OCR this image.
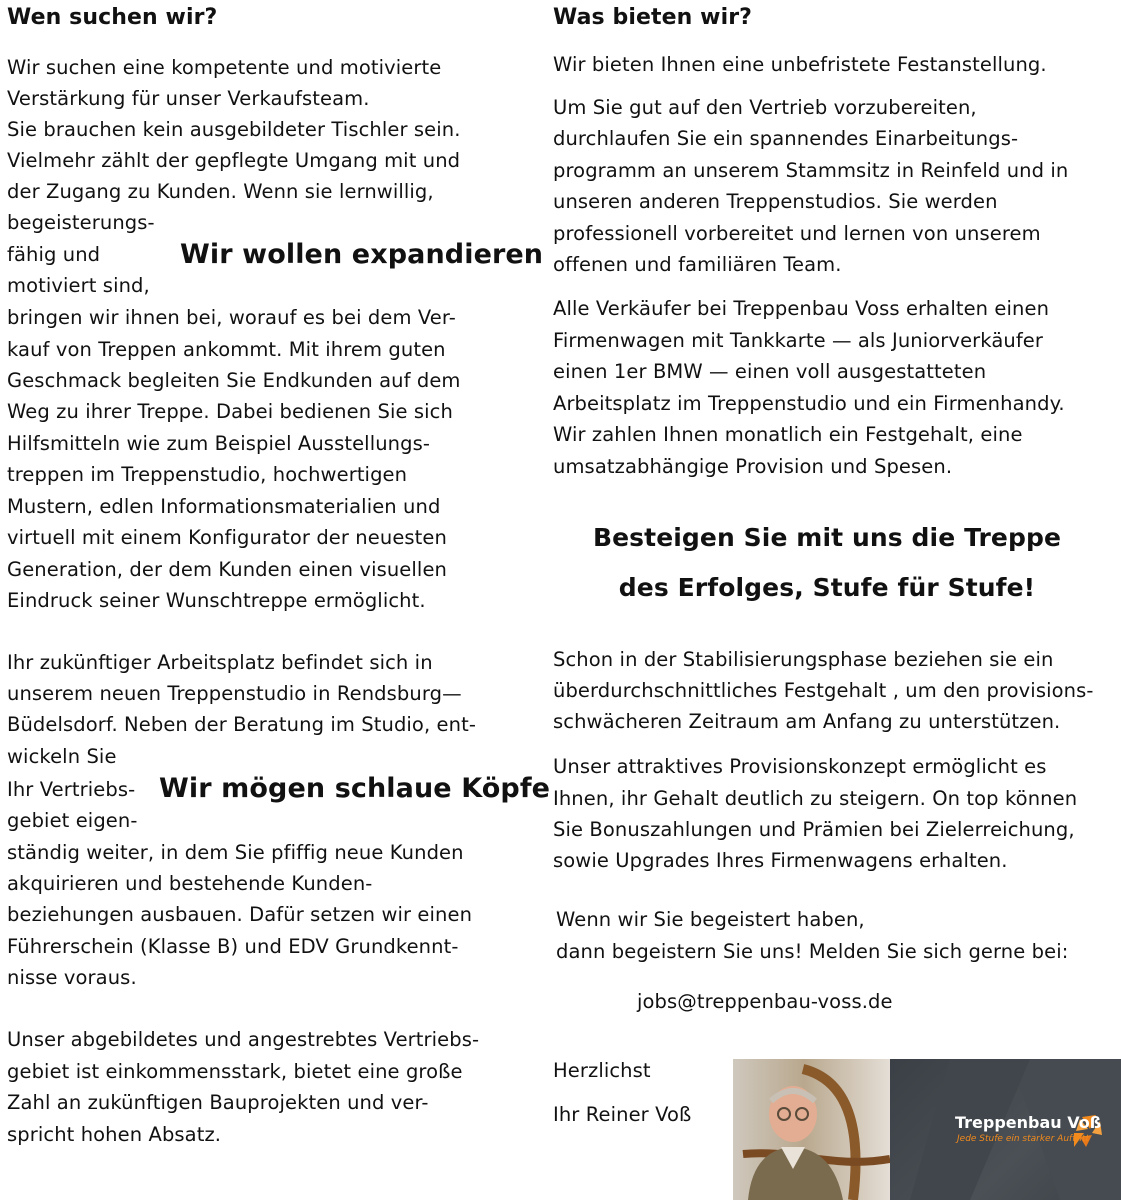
Wen suchen wir?
Wir suchen eine kompetente und motivierte
Verstärkung für unser Verkaufsteam.
Sie brauchen kein ausgebildeter Tischler sein.
Vielmehr zählt der gepflegte Umgang mit und
der Zugang zu Kunden. Wenn sie lernwillig,
begeisterungs-
fähig und
motiviert sind,
bringen wir ihnen bei, worauf es bei dem Ver-
kauf von Treppen ankommt. Mit ihrem guten
Geschmack begleiten Sie Endkunden auf dem
Weg zu ihrer Treppe. Dabei bedienen Sie sich
Hilfsmitteln wie zum Beispiel Ausstellungs-
treppen im Treppenstudio, hochwertigen
Mustern, edlen Informationsmaterialien und
virtuell mit einem Konfigurator der neuesten
Generation, der dem Kunden einen visuellen
Eindruck seiner Wunschtreppe ermöglicht.
Wir wollen expandieren
Ihr zukünftiger Arbeitsplatz befindet sich in
unserem neuen Treppenstudio in Rendsburg—
Büdelsdorf. Neben der Beratung im Studio, ent-
wickeln Sie
Ihr Vertriebs-
gebiet eigen-
ständig weiter, in dem Sie pfiffig neue Kunden
akquirieren und bestehende Kunden-
beziehungen ausbauen. Dafür setzen wir einen
Führerschein (Klasse B) und EDV Grundkennt-
nisse voraus.
Wir mögen schlaue Köpfe
Unser abgebildetes und angestrebtes Vertriebs-
gebiet ist einkommensstark, bietet eine große
Zahl an zukünftigen Bauprojekten und ver-
spricht hohen Absatz.
Was bieten wir?
Wir bieten Ihnen eine unbefristete Festanstellung.
Um Sie gut auf den Vertrieb vorzubereiten,
durchlaufen Sie ein spannendes Einarbeitungs-
programm an unserem Stammsitz in Reinfeld und in
unseren anderen Treppenstudios. Sie werden
professionell vorbereitet und lernen von unserem
offenen und familiären Team.
Alle Verkäufer bei Treppenbau Voss erhalten einen
Firmenwagen mit Tankkarte — als Juniorverkäufer
einen 1er BMW — einen voll ausgestatteten
Arbeitsplatz im Treppenstudio und ein Firmenhandy.
Wir zahlen Ihnen monatlich ein Festgehalt, eine
umsatzabhängige Provision und Spesen.
Besteigen Sie mit uns die Treppe
des Erfolges, Stufe für Stufe!
Schon in der Stabilisierungsphase beziehen sie ein
überdurchschnittliches Festgehalt , um den provisions-
schwächeren Zeitraum am Anfang zu unterstützen.
Unser attraktives Provisionskonzept ermöglicht es
Ihnen, ihr Gehalt deutlich zu steigern. On top können
Sie Bonuszahlungen und Prämien bei Zielerreichung,
sowie Upgrades Ihres Firmenwagens erhalten.
Wenn wir Sie begeistert haben,
dann begeistern Sie uns! Melden Sie sich gerne bei:
jobs@treppenbau-voss.de
Herzlichst
Ihr Reiner Voß	Treppenbau Voß
Jede Stufe ein starker Auftritt
